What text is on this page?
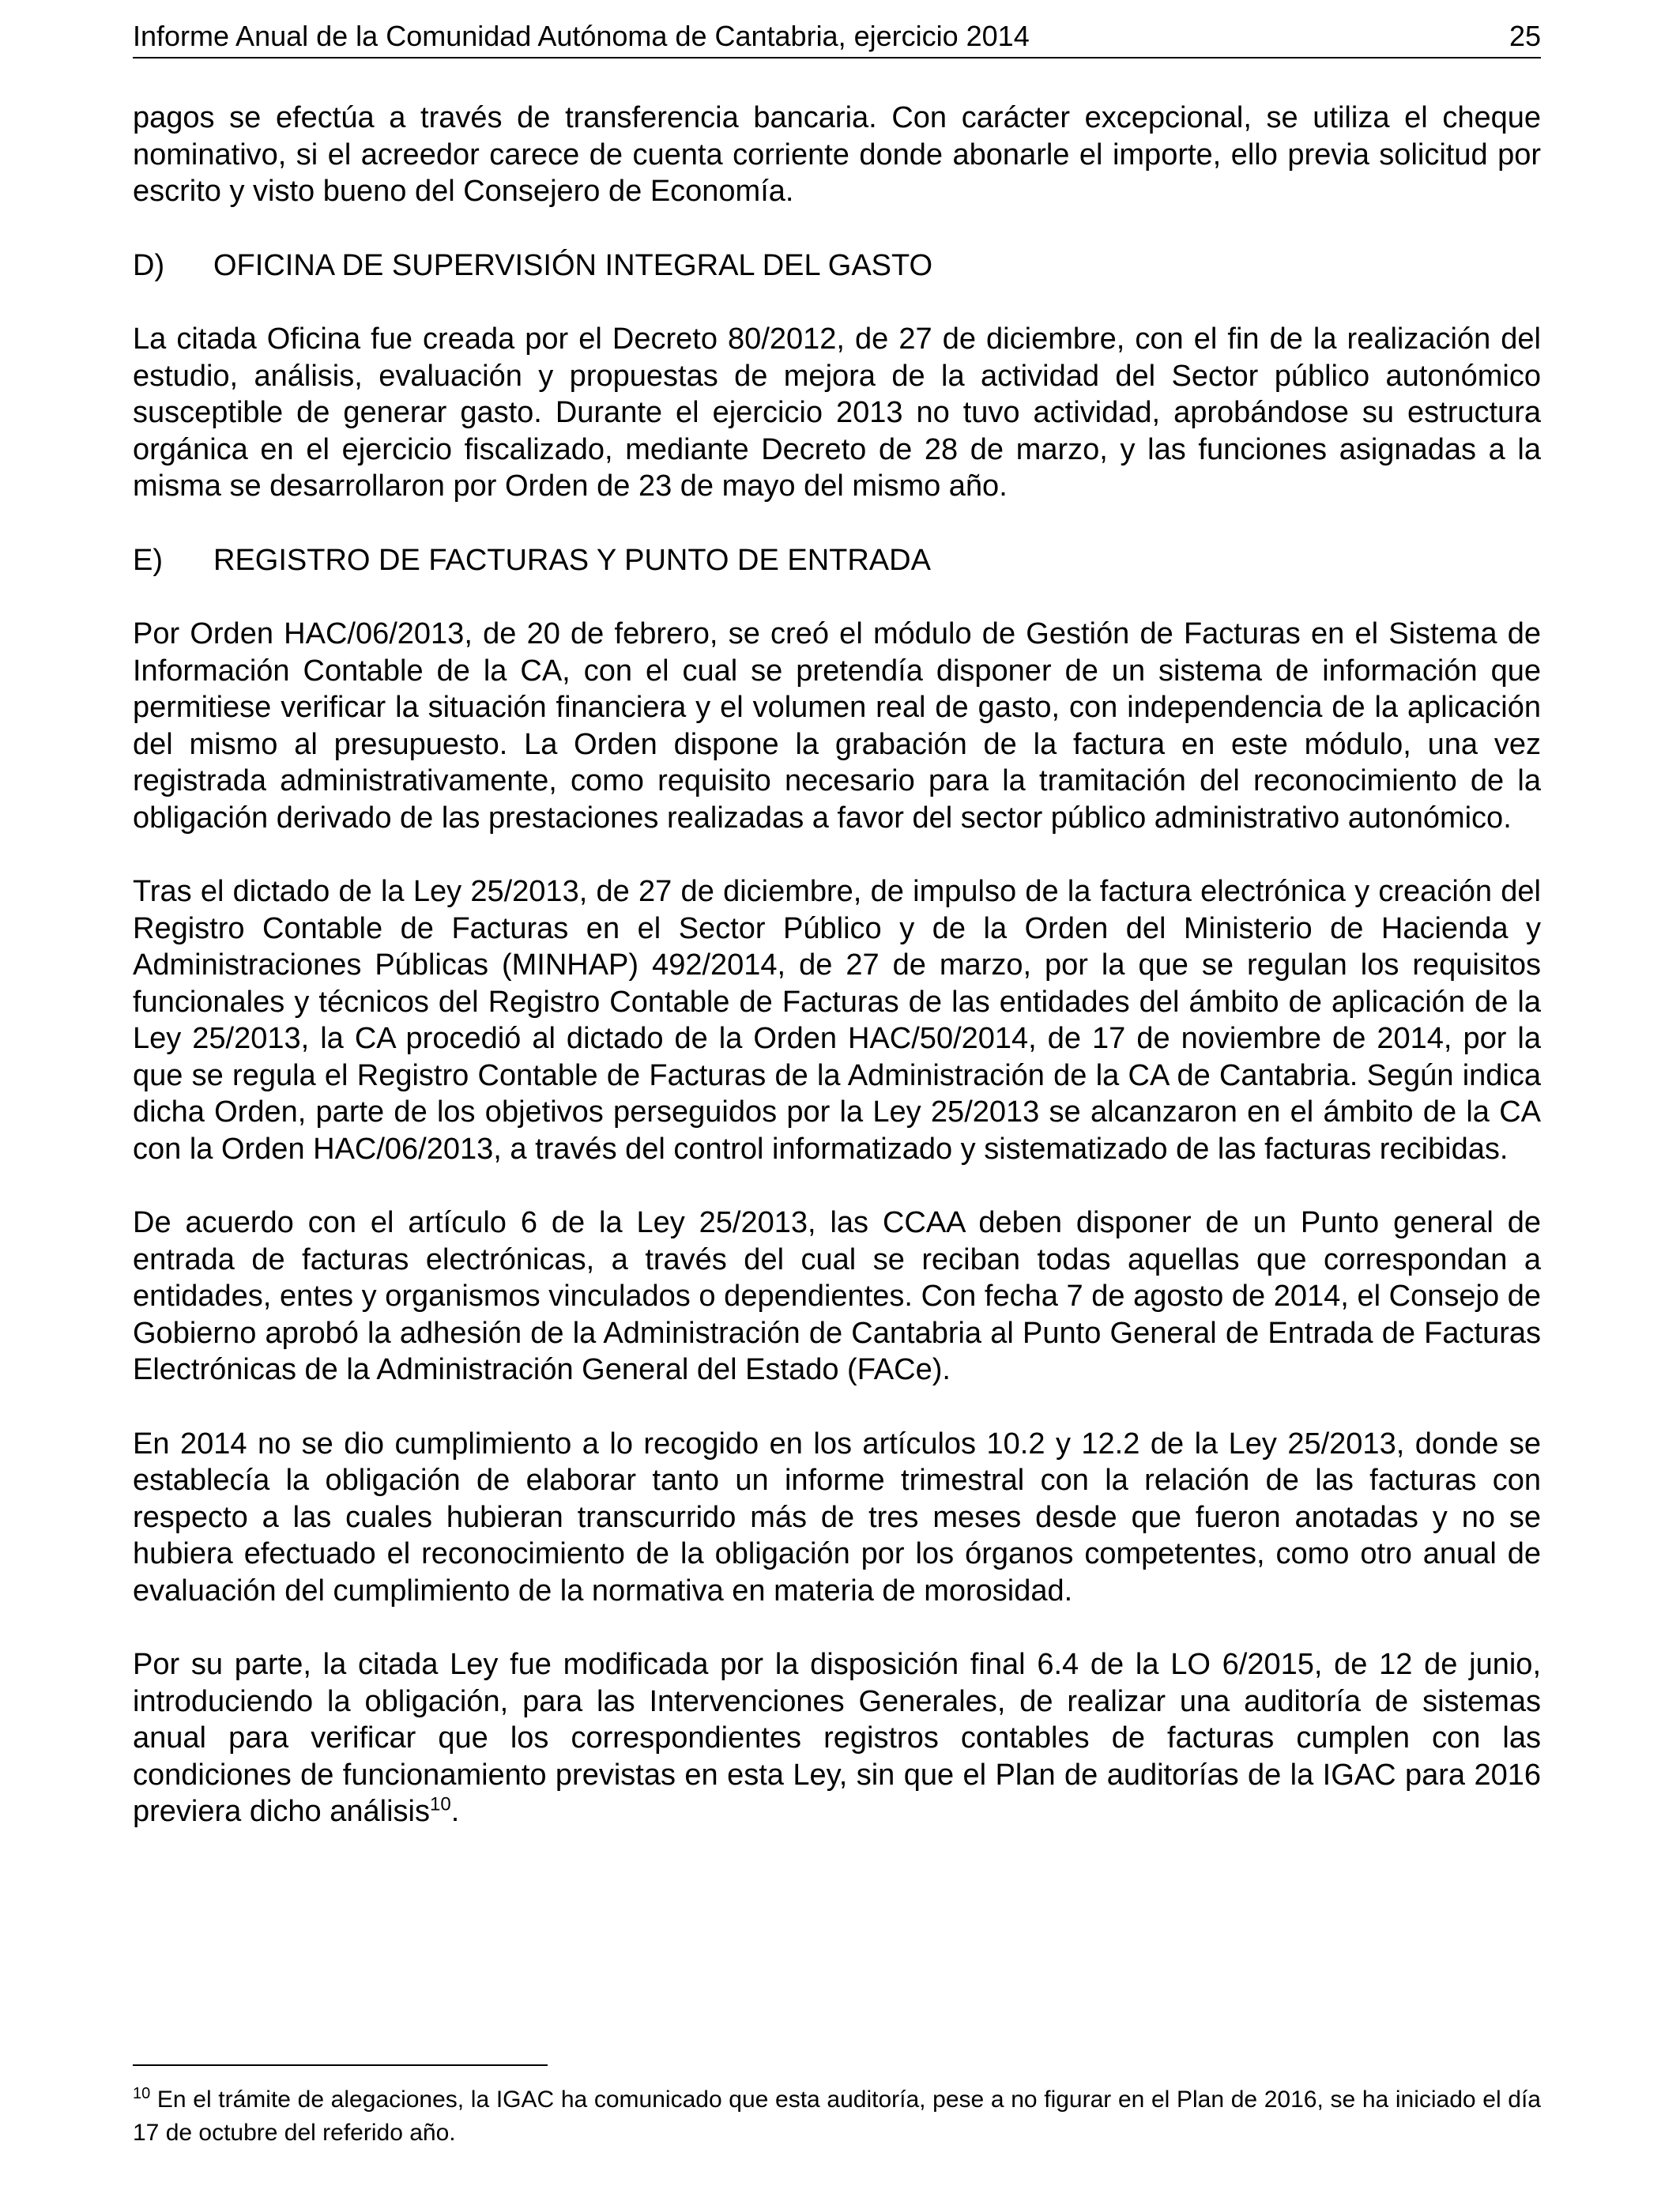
Informe Anual de la Comunidad Autónoma de Cantabria, ejercicio 2014	25

pagos se efectúa a través de transferencia bancaria. Con carácter excepcional, se utiliza el cheque nominativo, si el acreedor carece de cuenta corriente donde abonarle el importe, ello previa solicitud por escrito y visto bueno del Consejero de Economía.

D) OFICINA DE SUPERVISIÓN INTEGRAL DEL GASTO

La citada Oficina fue creada por el Decreto 80/2012, de 27 de diciembre, con el fin de la realización del estudio, análisis, evaluación y propuestas de mejora de la actividad del Sector público autonómico susceptible de generar gasto. Durante el ejercicio 2013 no tuvo actividad, aprobándose su estructura orgánica en el ejercicio fiscalizado, mediante Decreto de 28 de marzo, y las funciones asignadas a la misma se desarrollaron por Orden de 23 de mayo del mismo año.

E) REGISTRO DE FACTURAS Y PUNTO DE ENTRADA

Por Orden HAC/06/2013, de 20 de febrero, se creó el módulo de Gestión de Facturas en el Sistema de Información Contable de la CA, con el cual se pretendía disponer de un sistema de información que permitiese verificar la situación financiera y el volumen real de gasto, con independencia de la aplicación del mismo al presupuesto. La Orden dispone la grabación de la factura en este módulo, una vez registrada administrativamente, como requisito necesario para la tramitación del reconocimiento de la obligación derivado de las prestaciones realizadas a favor del sector público administrativo autonómico.

Tras el dictado de la Ley 25/2013, de 27 de diciembre, de impulso de la factura electrónica y creación del Registro Contable de Facturas en el Sector Público y de la Orden del Ministerio de Hacienda y Administraciones Públicas (MINHAP) 492/2014, de 27 de marzo, por la que se regulan los requisitos funcionales y técnicos del Registro Contable de Facturas de las entidades del ámbito de aplicación de la Ley 25/2013, la CA procedió al dictado de la Orden HAC/50/2014, de 17 de noviembre de 2014, por la que se regula el Registro Contable de Facturas de la Administración de la CA de Cantabria. Según indica dicha Orden, parte de los objetivos perseguidos por la Ley 25/2013 se alcanzaron en el ámbito de la CA con la Orden HAC/06/2013, a través del control informatizado y sistematizado de las facturas recibidas.

De acuerdo con el artículo 6 de la Ley 25/2013, las CCAA deben disponer de un Punto general de entrada de facturas electrónicas, a través del cual se reciban todas aquellas que correspondan a entidades, entes y organismos vinculados o dependientes. Con fecha 7 de agosto de 2014, el Consejo de Gobierno aprobó la adhesión de la Administración de Cantabria al Punto General de Entrada de Facturas Electrónicas de la Administración General del Estado (FACe).

En 2014 no se dio cumplimiento a lo recogido en los artículos 10.2 y 12.2 de la Ley 25/2013, donde se establecía la obligación de elaborar tanto un informe trimestral con la relación de las facturas con respecto a las cuales hubieran transcurrido más de tres meses desde que fueron anotadas y no se hubiera efectuado el reconocimiento de la obligación por los órganos competentes, como otro anual de evaluación del cumplimiento de la normativa en materia de morosidad.

Por su parte, la citada Ley fue modificada por la disposición final 6.4 de la LO 6/2015, de 12 de junio, introduciendo la obligación, para las Intervenciones Generales, de realizar una auditoría de sistemas anual para verificar que los correspondientes registros contables de facturas cumplen con las condiciones de funcionamiento previstas en esta Ley, sin que el Plan de auditorías de la IGAC para 2016 previera dicho análisis$^{10}$.

$^{10}$ En el trámite de alegaciones, la IGAC ha comunicado que esta auditoría, pese a no figurar en el Plan de 2016, se ha iniciado el día 17 de octubre del referido año.
